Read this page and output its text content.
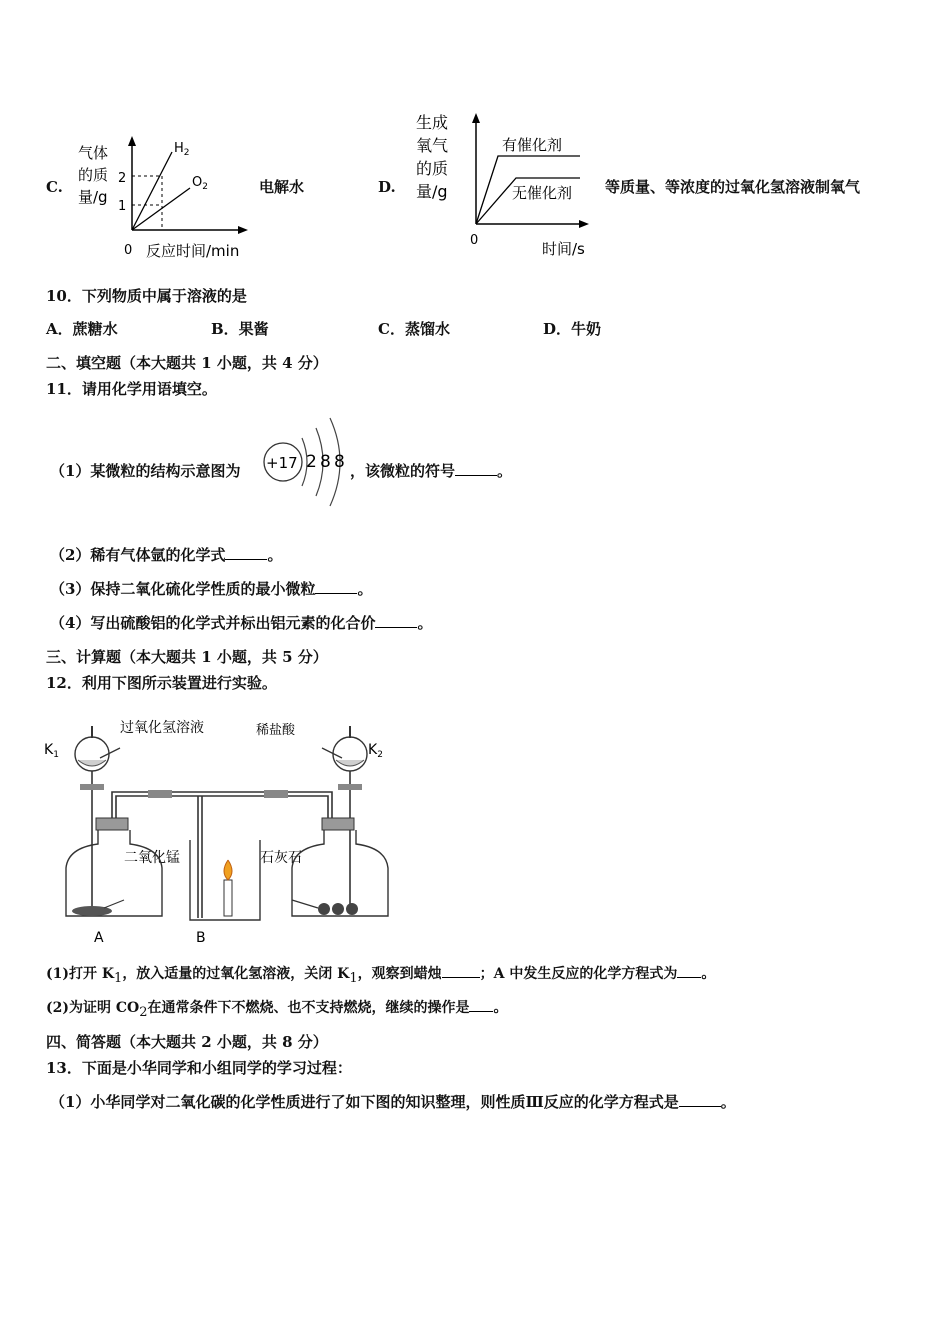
C.
气体
的质
量/g
2
1
$H_2$
$O_2$
0 反应时间/min
电解水	D.
生成
氧气
的质
量/g
有催化剂
无催化剂
0	时间/s
等质量、等浓度的过氧化氢溶液制氧气
10．下列物质中属于溶液的是
A．蔗糖水	B．果酱	C．蒸馏水	D．牛奶
二、填空题（本大题共 1 小题，共 4 分）
11．请用化学用语填空。
（1）某微粒的结构示意图为 +17 2 8 8 ，该微粒的符号	。
（2）稀有气体氩的化学式	。
（3）保持二氧化硫化学性质的最小微粒	。
（4）写出硫酸铝的化学式并标出铝元素的化合价	。
三、计算题（本大题共 1 小题，共 5 分）
12．利用下图所示装置进行实验。
过氧化氢溶液	稀盐酸
$K_1$	$K_2$
二氧化锰	石灰石
A	B
(1)打开 $K_1$，放入适量的过氧化氢溶液，关闭 $K_1$，观察到蜡烛	；A 中发生反应的化学方程式为 。
(2)为证明 $CO_2$在通常条件下不燃烧、也不支持燃烧，继续的操作是 。
四、简答题（本大题共 2 小题，共 8 分）
13．下面是小华同学和小组同学的学习过程：
（1）小华同学对二氧化碳的化学性质进行了如下图的知识整理，则性质Ⅲ反应的化学方程式是	。
